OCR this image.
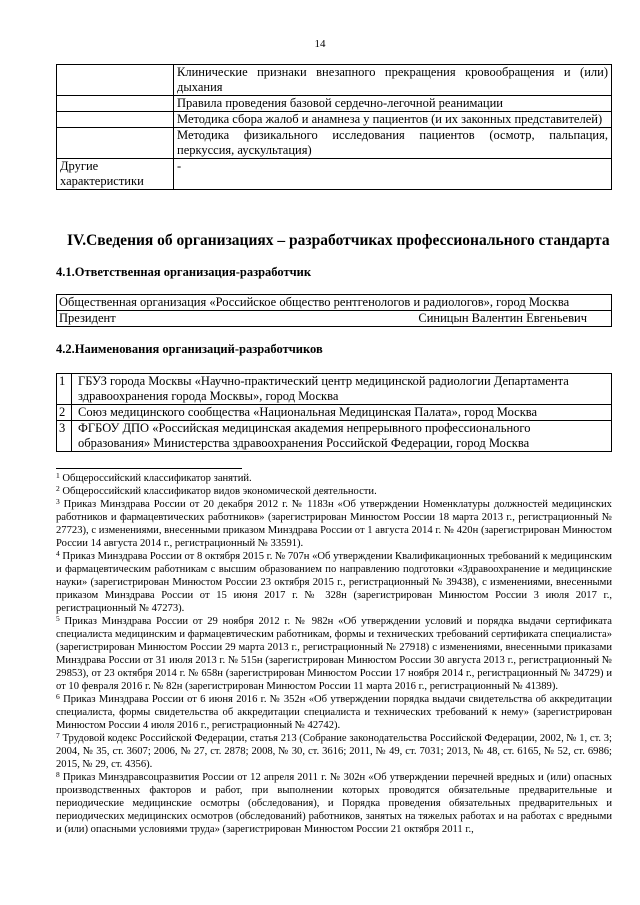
14
	Клинические признаки внезапного прекращения кровообращения и (или) дыхания
	Правила проведения базовой сердечно-легочной реанимации
	Методика сбора жалоб и анамнеза у пациентов (и их законных представителей)
	Методика физикального исследования пациентов (осмотр, пальпация, перкуссия, аускультация)
Другие характеристики	-
IV.Сведения об организациях – разработчиках профессионального стандарта
4.1.Ответственная организация-разработчик
Общественная организация «Российское общество рентгенологов и радиологов», город Москва

Президент	Синицын Валентин Евгеньевич
4.2.Наименования организаций-разработчиков
1	ГБУЗ города Москвы «Научно-практический центр медицинской радиологии Департамента здравоохранения города Москвы», город Москва
2	Союз медицинского сообщества «Национальная Медицинская Палата», город Москва
3	ФГБОУ ДПО «Российская медицинская академия непрерывного профессионального образования» Министерства здравоохранения Российской Федерации, город Москва

$^1$ Общероссийский классификатор занятий.

$^2$ Общероссийский классификатор видов экономической деятельности.

$^3$ Приказ Минздрава России от 20 декабря 2012 г. № 1183н «Об утверждении Номенклатуры должностей медицинских работников и фармацевтических работников» (зарегистрирован Минюстом России 18 марта 2013 г., регистрационный № 27723), с изменениями, внесенными приказом Минздрава России от 1 августа 2014 г. № 420н (зарегистрирован Минюстом России 14 августа 2014 г., регистрационный № 33591).

$^4$ Приказ Минздрава России от 8 октября 2015 г. № 707н «Об утверждении Квалификационных требований к медицинским и фармацевтическим работникам с высшим образованием по направлению подготовки «Здравоохранение и медицинские науки» (зарегистрирован Минюстом России 23 октября 2015 г., регистрационный № 39438), с изменениями, внесенными приказом Минздрава России от 15 июня 2017 г. № 328н (зарегистрирован Минюстом России 3 июля 2017 г., регистрационный № 47273).

$^5$ Приказ Минздрава России от 29 ноября 2012 г. № 982н «Об утверждении условий и порядка выдачи сертификата специалиста медицинским и фармацевтическим работникам, формы и технических требований сертификата специалиста» (зарегистрирован Минюстом России 29 марта 2013 г., регистрационный № 27918) с изменениями, внесенными приказами Минздрава России от 31 июля 2013 г. № 515н (зарегистрирован Минюстом России 30 августа 2013 г., регистрационный № 29853), от 23 октября 2014 г. № 658н (зарегистрирован Минюстом России 17 ноября 2014 г., регистрационный № 34729) и от 10 февраля 2016 г. № 82н (зарегистрирован Минюстом России 11 марта 2016 г., регистрационный № 41389).

$^6$ Приказ Минздрава России от 6 июня 2016 г. № 352н «Об утверждении порядка выдачи свидетельства об аккредитации специалиста, формы свидетельства об аккредитации специалиста и технических требований к нему» (зарегистрирован Минюстом России 4 июля 2016 г., регистрационный № 42742).

$^7$ Трудовой кодекс Российской Федерации, статья 213 (Собрание законодательства Российской Федерации, 2002, № 1, ст. 3; 2004, № 35, ст. 3607; 2006, № 27, ст. 2878; 2008, № 30, ст. 3616; 2011, № 49, ст. 7031; 2013, № 48, ст. 6165, № 52, ст. 6986; 2015, № 29, ст. 4356).

$^8$ Приказ Минздравсоцразвития России от 12 апреля 2011 г. № 302н «Об утверждении перечней вредных и (или) опасных производственных факторов и работ, при выполнении которых проводятся обязательные предварительные и периодические медицинские осмотры (обследования), и Порядка проведения обязательных предварительных и периодических медицинских осмотров (обследований) работников, занятых на тяжелых работах и на работах с вредными и (или) опасными условиями труда» (зарегистрирован Минюстом России 21 октября 2011 г.,
